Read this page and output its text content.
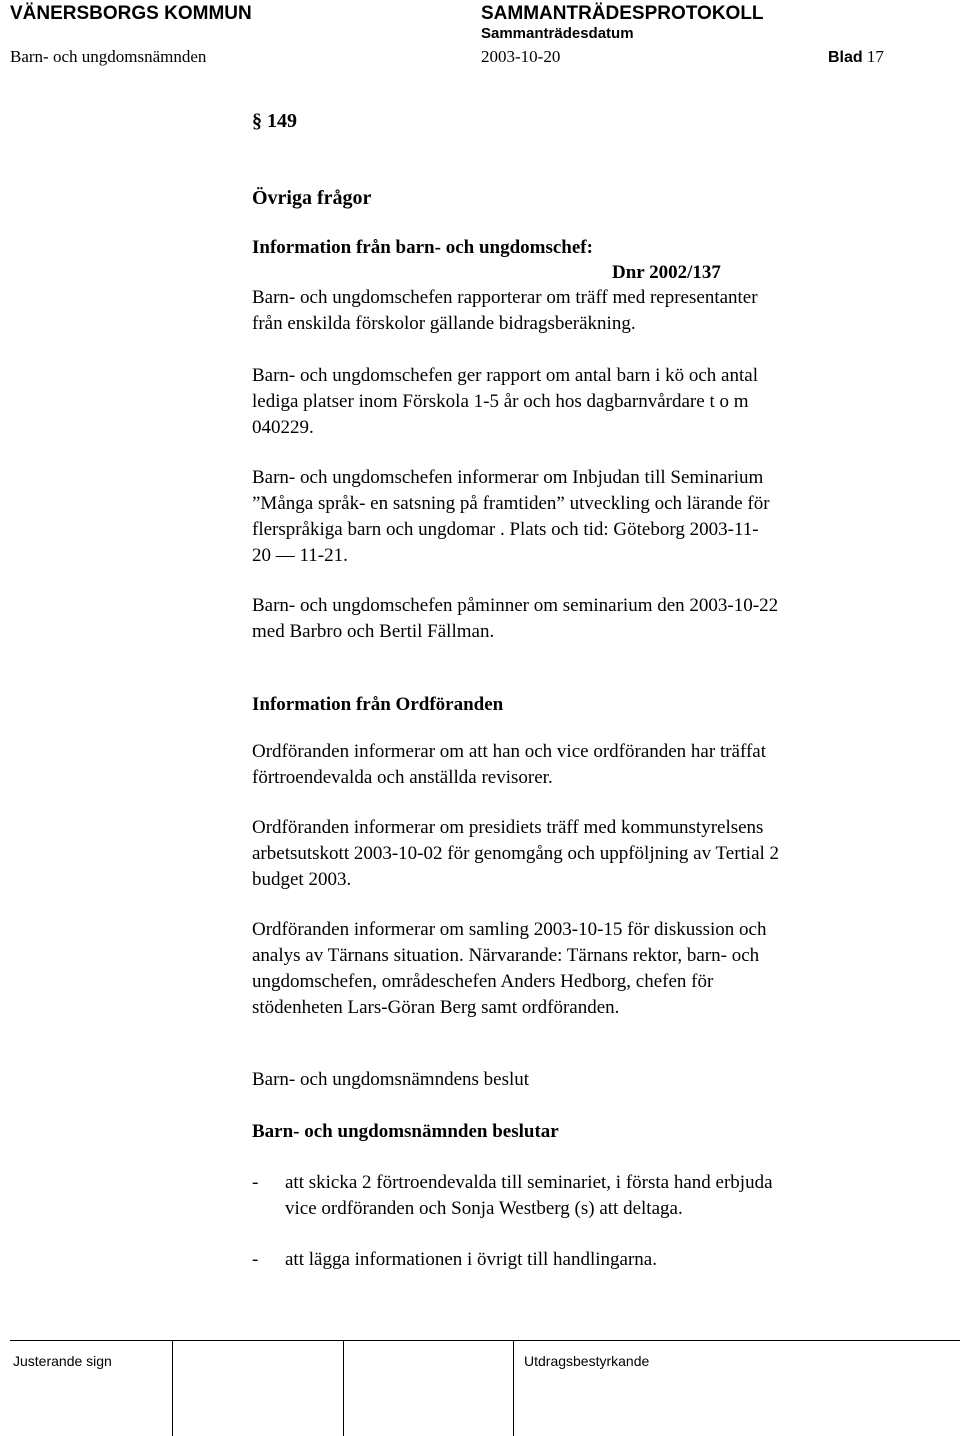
VÄNERSBORGS KOMMUN	SAMMANTRÄDESPROTOKOLL
Sammanträdesdatum
Barn- och ungdomsnämnden	2003-10-20	Blad 17
§ 149
Övriga frågor
Information från barn- och ungdomschef:
Dnr 2002/137
Barn- och ungdomschefen rapporterar om träff med representanter
från enskilda förskolor gällande bidragsberäkning.
Barn- och ungdomschefen ger rapport om antal barn i kö och antal
lediga platser inom Förskola 1-5 år och hos dagbarnvårdare t o m
040229.
Barn- och ungdomschefen informerar om Inbjudan till Seminarium
”Många språk- en satsning på framtiden” utveckling och lärande för
flerspråkiga barn och ungdomar . Plats och tid: Göteborg 2003-11-
20 — 11-21.
Barn- och ungdomschefen påminner om seminarium den 2003-10-22
med Barbro och Bertil Fällman.
Information från Ordföranden
Ordföranden informerar om att han och vice ordföranden har träffat
förtroendevalda och anställda revisorer.
Ordföranden informerar om presidiets träff med kommunstyrelsens
arbetsutskott 2003-10-02 för genomgång och uppföljning av Tertial 2
budget 2003.
Ordföranden informerar om samling 2003-10-15 för diskussion och
analys av Tärnans situation. Närvarande: Tärnans rektor, barn- och
ungdomschefen, områdeschefen Anders Hedborg, chefen för
stödenheten Lars-Göran Berg samt ordföranden.
Barn- och ungdomsnämndens beslut
Barn- och ungdomsnämnden beslutar
- att skicka 2 förtroendevalda till seminariet, i första hand erbjuda
vice ordföranden och Sonja Westberg (s) att deltaga.
- att lägga informationen i övrigt till handlingarna.
Justerande sign	Utdragsbestyrkande
